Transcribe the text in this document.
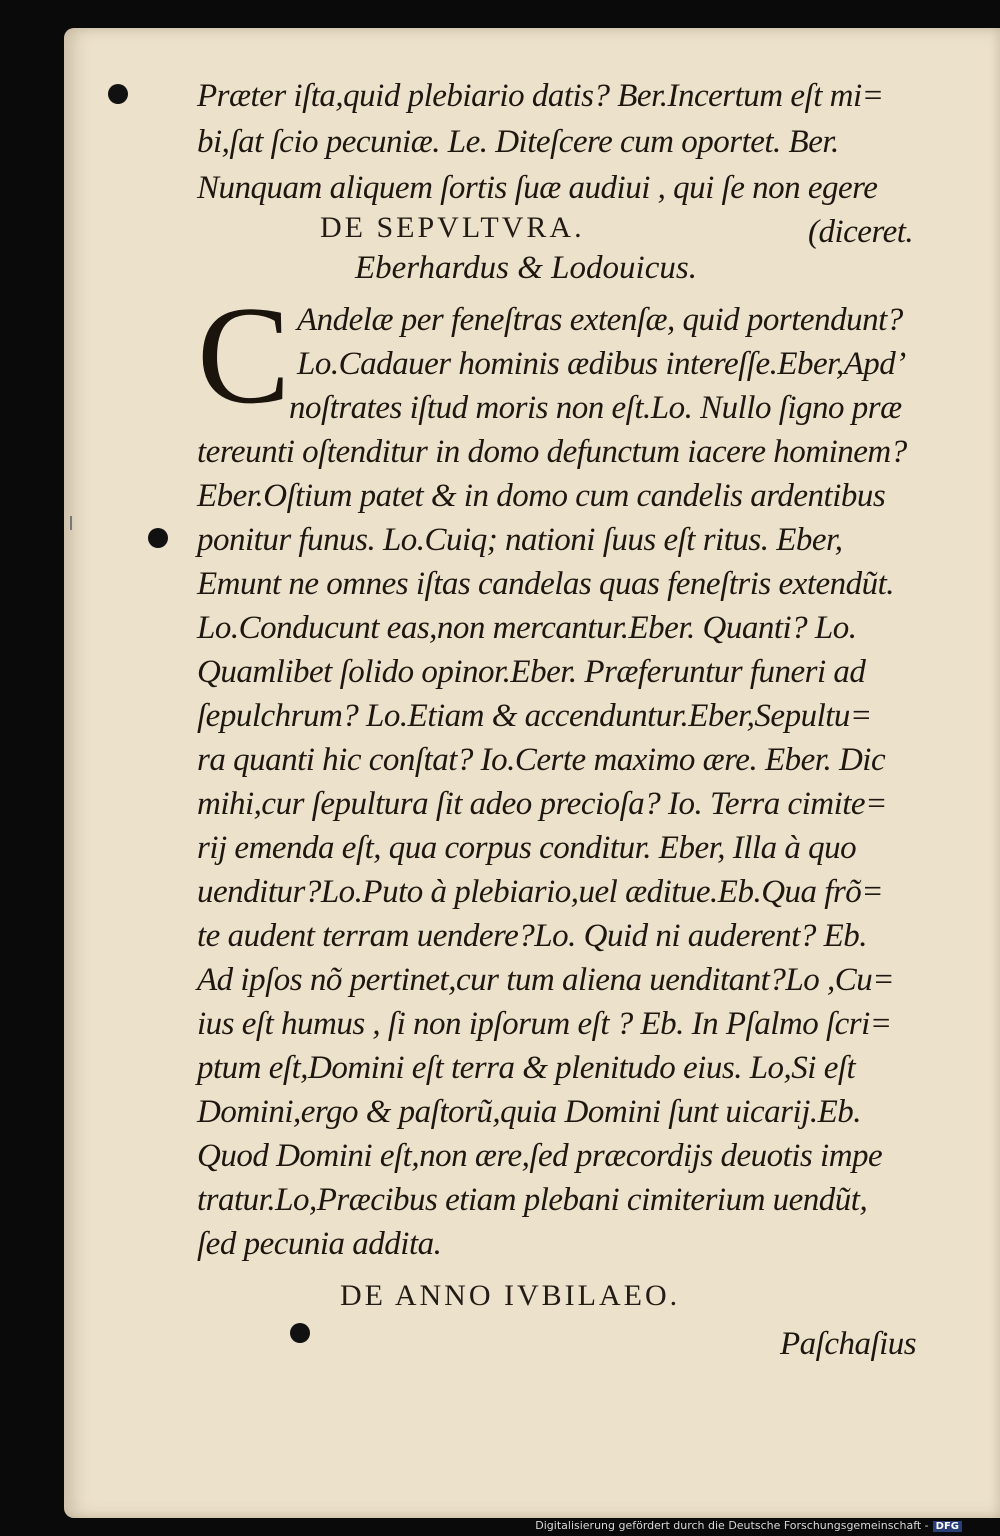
Præter iſta,quid plebiario datis? Ber.Incertum eſt mi=
bi,ſat ſcio pecuniæ. Le. Diteſcere cum oportet. Ber.
Nunquam aliquem ſortis ſuæ audiui , qui ſe non egere
DE SEPVLTVRA.	(diceret.
Eberhardus & Lodouicus.
C Andelæ per feneſtras extenſæ, quid portendunt?
Lo.Cadauer hominis ædibus intereſſe.Eber,Apd’
noſtrates iſtud moris non eſt.Lo. Nullo ſigno præ
tereunti oſtenditur in domo defunctum iacere hominem?
Eber.Oſtium patet & in domo cum candelis ardentibus
ponitur funus. Lo.Cuiq; nationi ſuus eſt ritus. Eber,
Emunt ne omnes iſtas candelas quas feneſtris extendũt.
Lo.Conducunt eas,non mercantur.Eber. Quanti? Lo.
Quamlibet ſolido opinor.Eber. Præferuntur funeri ad
ſepulchrum? Lo.Etiam & accenduntur.Eber,Sepultu=
ra quanti hic conſtat? Io.Certe maximo ære. Eber. Dic
mihi,cur ſepultura ſit adeo precioſa? Io. Terra cimite=
rij emenda eſt, qua corpus conditur. Eber, Illa à quo
uenditur?Lo.Puto à plebiario,uel æditue.Eb.Qua frõ=
te audent terram uendere?Lo. Quid ni auderent? Eb.
Ad ipſos nõ pertinet,cur tum aliena uenditant?Lo ,Cu=
ius eſt humus , ſi non ipſorum eſt ? Eb. In Pſalmo ſcri=
ptum eſt,Domini eſt terra & plenitudo eius. Lo,Si eſt
Domini,ergo & paſtorũ,quia Domini ſunt uicarij.Eb.
Quod Domini eſt,non ære,ſed præcordijs deuotis impe
tratur.Lo,Præcibus etiam plebani cimiterium uendũt,
ſed pecunia addita.
DE ANNO IVBILAEO.
Paſchaſius
Digitalisierung gefördert durch die Deutsche Forschungsgemeinschaft - DFG
